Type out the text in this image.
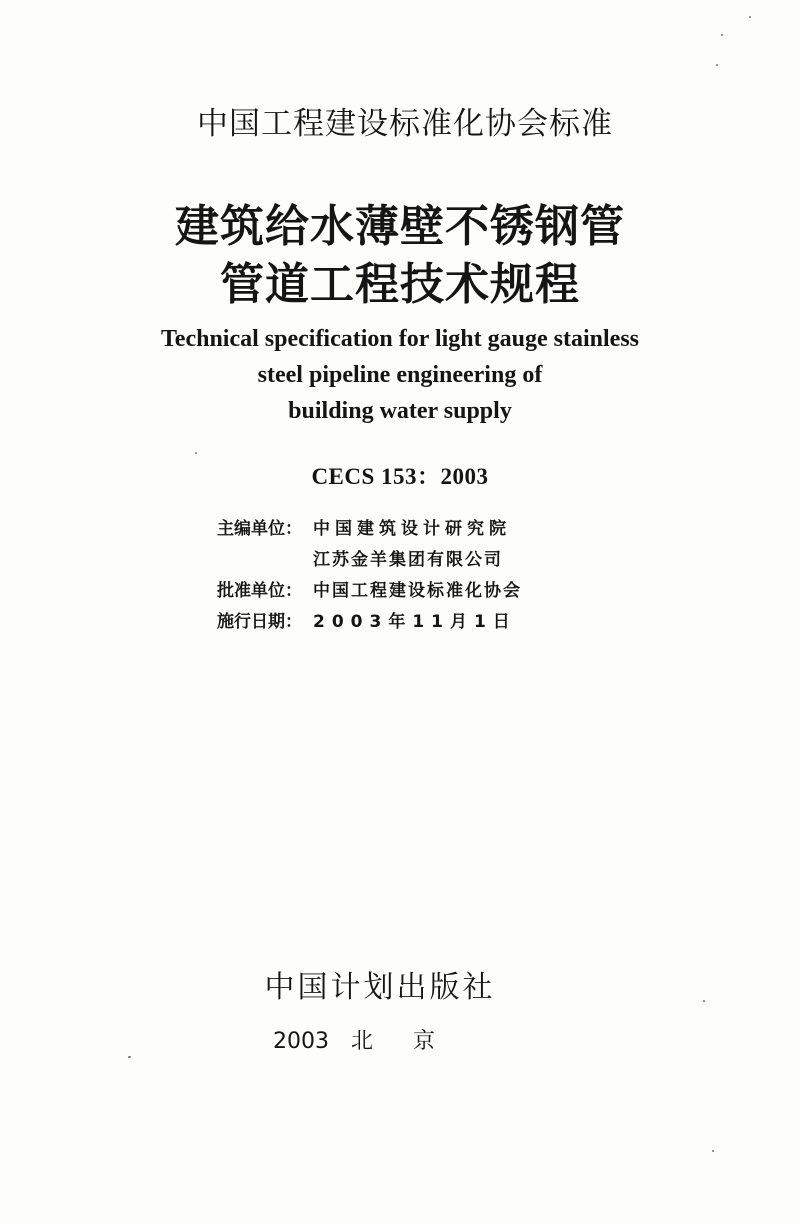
中国工程建设标准化协会标准
建筑给水薄壁不锈钢管
管道工程技术规程
Technical specification for light gauge stainless
steel pipeline engineering of
building water supply
CECS 153：2003
主编单位： 中国建筑设计研究院
江苏金羊集团有限公司
批准单位： 中国工程建设标准化协会
施行日期： 2003年11月1日
中国计划出版社
2003 北京
